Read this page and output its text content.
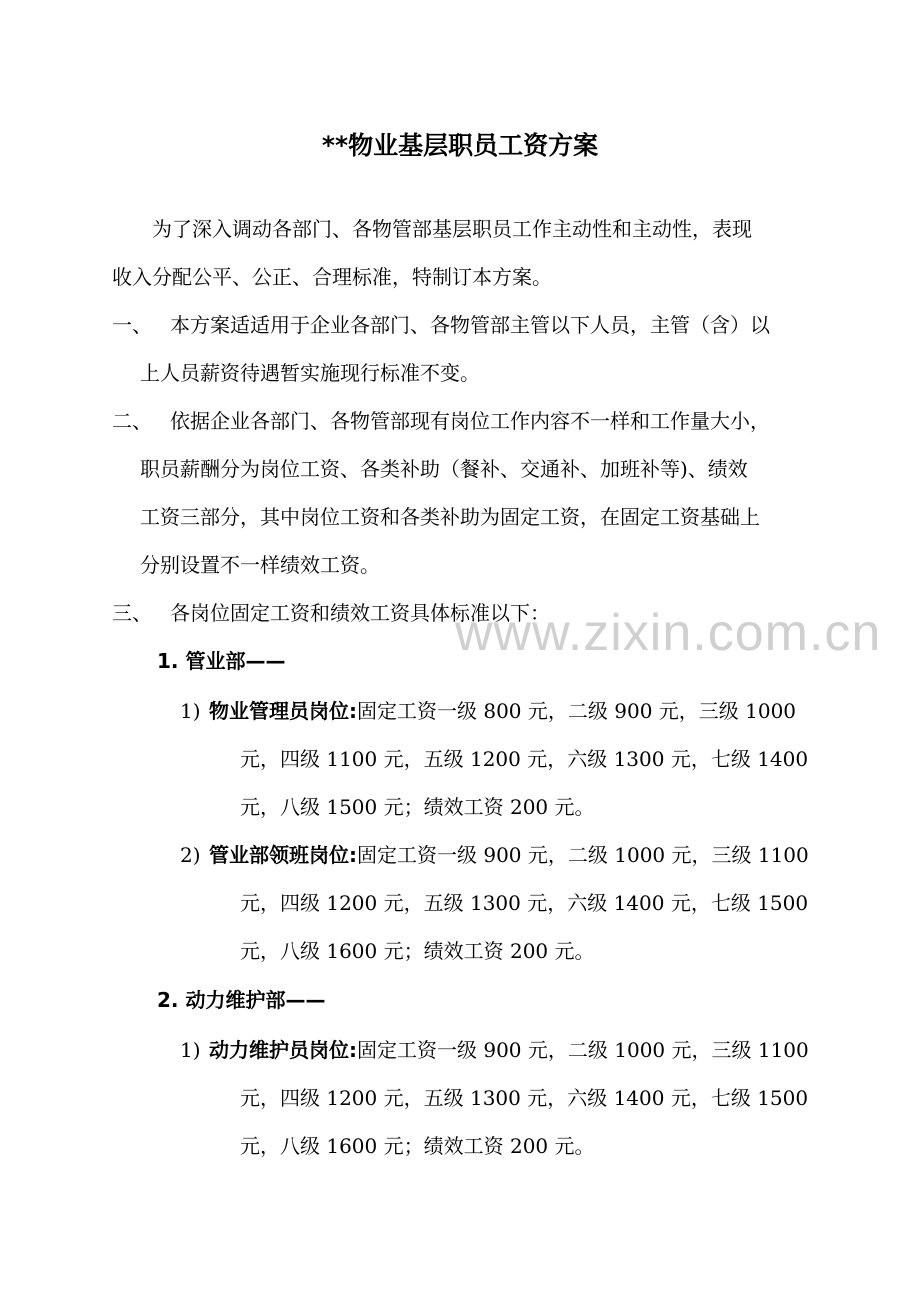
**物业基层职员工资方案
为了深入调动各部门、各物管部基层职员工作主动性和主动性，表现
收入分配公平、公正、合理标准，特制订本方案。
一、 本方案适适用于企业各部门、各物管部主管以下人员，主管（含）以
上人员薪资待遇暂实施现行标准不变。
二、 依据企业各部门、各物管部现有岗位工作内容不一样和工作量大小，
职员薪酬分为岗位工资、各类补助（餐补、交通补、加班补等)、绩效
工资三部分，其中岗位工资和各类补助为固定工资，在固定工资基础上
分别设置不一样绩效工资。
三、 各岗位固定工资和绩效工资具体标准以下：
1. 管业部——
1) 物业管理员岗位:固定工资一级 800 元，二级 900 元，三级 1000
元，四级 1100 元，五级 1200 元，六级 1300 元，七级 1400
元，八级 1500 元；绩效工资 200 元。
2) 管业部领班岗位:固定工资一级 900 元，二级 1000 元，三级 1100
元，四级 1200 元，五级 1300 元，六级 1400 元，七级 1500
元，八级 1600 元；绩效工资 200 元。
2. 动力维护部——
1) 动力维护员岗位:固定工资一级 900 元，二级 1000 元，三级 1100
元，四级 1200 元，五级 1300 元，六级 1400 元，七级 1500
元，八级 1600 元；绩效工资 200 元。
www.zixin.com.cn
